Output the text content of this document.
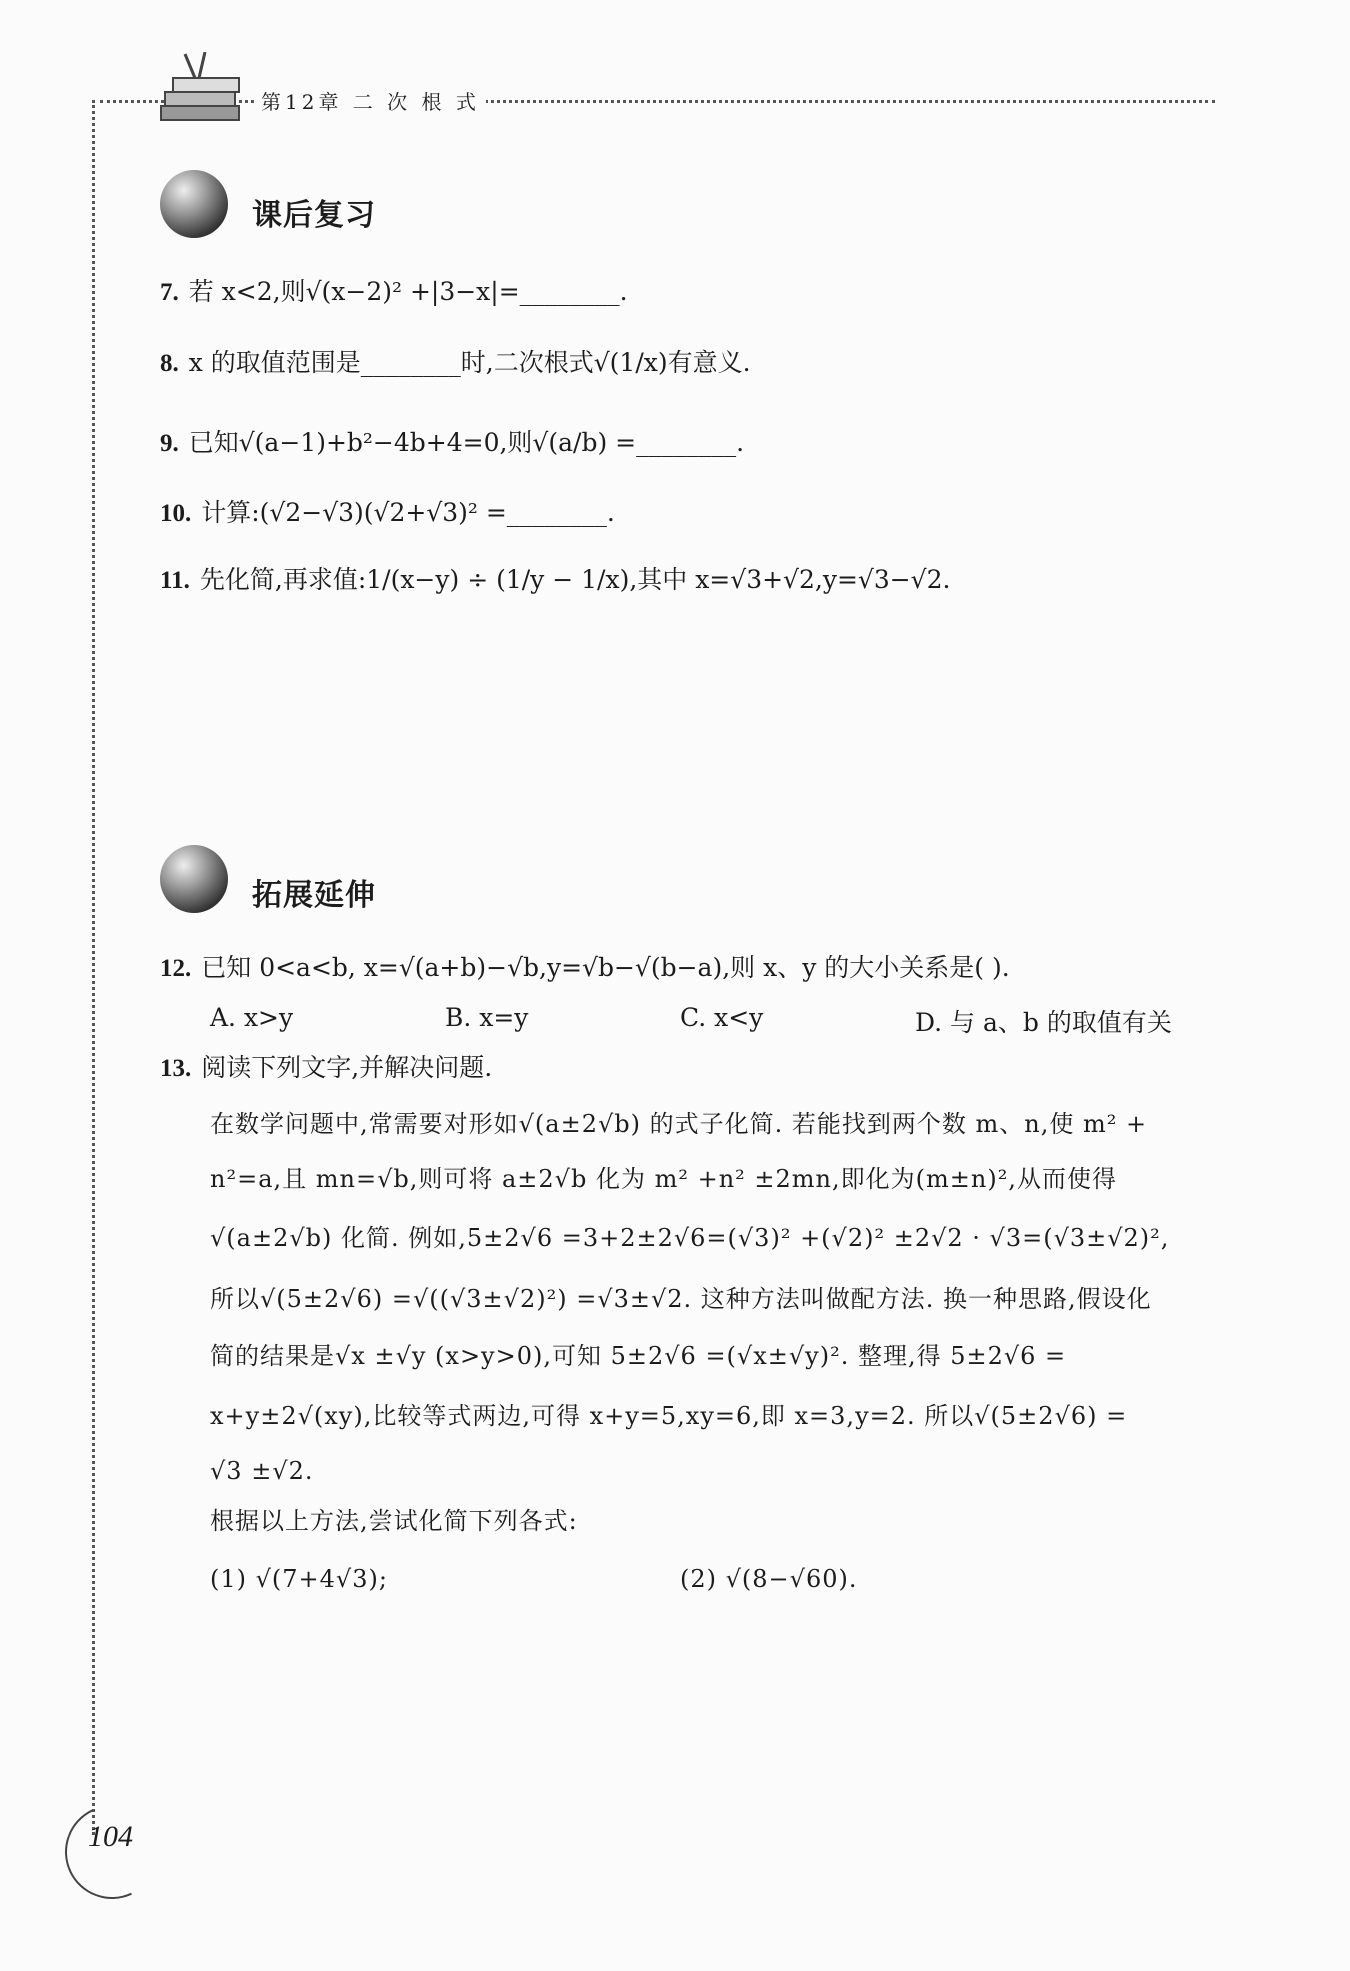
第12章 二 次 根 式
课后复习
7. 若 x<2,则√(x−2)² +|3−x|=________.
8. x 的取值范围是________时,二次根式√(1/x)有意义.
9. 已知√(a−1)+b²−4b+4=0,则√(a/b) =________.
10. 计算:(√2−√3)(√2+√3)² =________.
11. 先化简,再求值:1/(x−y) ÷ (1/y − 1/x),其中 x=√3+√2,y=√3−√2.
拓展延伸
12. 已知 0<a<b, x=√(a+b)−√b,y=√b−√(b−a),则 x、y 的大小关系是( ).
A. x>y	B. x=y	C. x<y	D. 与 a、b 的取值有关
13. 阅读下列文字,并解决问题.
在数学问题中,常需要对形如√(a±2√b) 的式子化简. 若能找到两个数 m、n,使 m² +
n²=a,且 mn=√b,则可将 a±2√b 化为 m² +n² ±2mn,即化为(m±n)²,从而使得
√(a±2√b) 化简. 例如,5±2√6 =3+2±2√6=(√3)² +(√2)² ±2√2 · √3=(√3±√2)²,
所以√(5±2√6) =√((√3±√2)²) =√3±√2. 这种方法叫做配方法. 换一种思路,假设化
简的结果是√x ±√y (x>y>0),可知 5±2√6 =(√x±√y)². 整理,得 5±2√6 =
x+y±2√(xy),比较等式两边,可得 x+y=5,xy=6,即 x=3,y=2. 所以√(5±2√6) =
√3 ±√2.
根据以上方法,尝试化简下列各式:
(1) √(7+4√3);	(2) √(8−√60).
104
